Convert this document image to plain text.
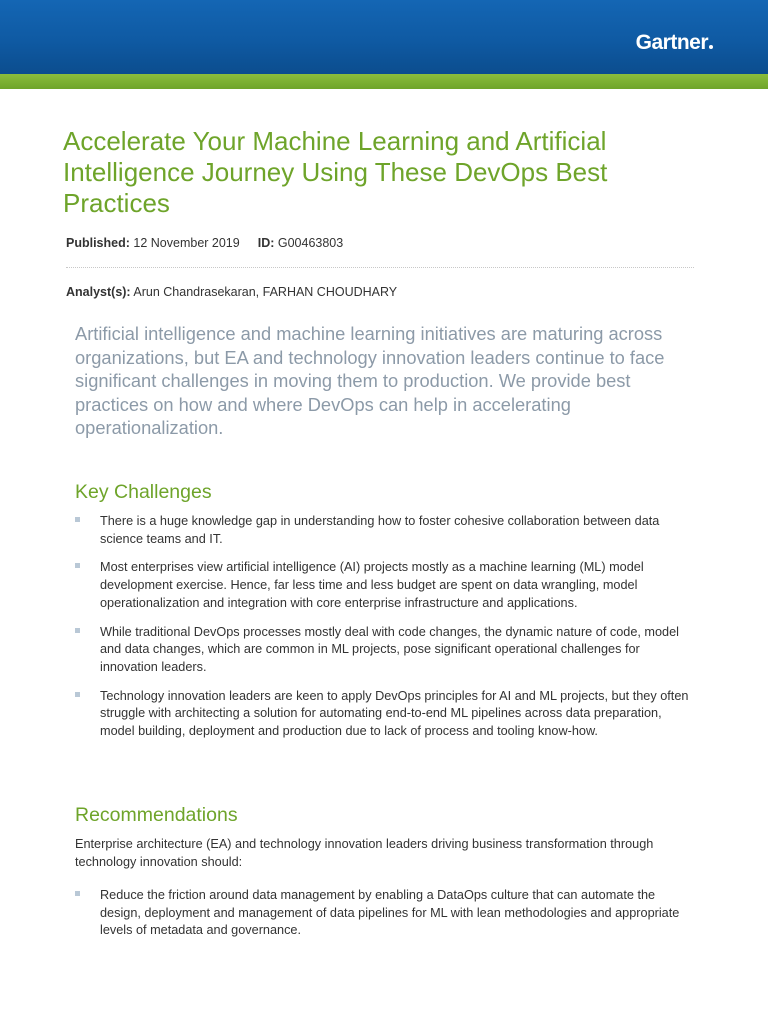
Gartner
Accelerate Your Machine Learning and Artificial Intelligence Journey Using These DevOps Best Practices
Published: 12 November 2019 ID: G00463803
Analyst(s): Arun Chandrasekaran, FARHAN CHOUDHARY

Artificial intelligence and machine learning initiatives are maturing across organizations, but EA and technology innovation leaders continue to face significant challenges in moving them to production. We provide best practices on how and where DevOps can help in accelerating operationalization.

Key Challenges
There is a huge knowledge gap in understanding how to foster cohesive collaboration between data science teams and IT.
Most enterprises view artificial intelligence (AI) projects mostly as a machine learning (ML) model development exercise. Hence, far less time and less budget are spent on data wrangling, model operationalization and integration with core enterprise infrastructure and applications.
While traditional DevOps processes mostly deal with code changes, the dynamic nature of code, model and data changes, which are common in ML projects, pose significant operational challenges for innovation leaders.
Technology innovation leaders are keen to apply DevOps principles for AI and ML projects, but they often struggle with architecting a solution for automating end-to-end ML pipelines across data preparation, model building, deployment and production due to lack of process and tooling know-how.
Recommendations

Enterprise architecture (EA) and technology innovation leaders driving business transformation through technology innovation should:

Reduce the friction around data management by enabling a DataOps culture that can automate the design, deployment and management of data pipelines for ML with lean methodologies and appropriate levels of metadata and governance.
